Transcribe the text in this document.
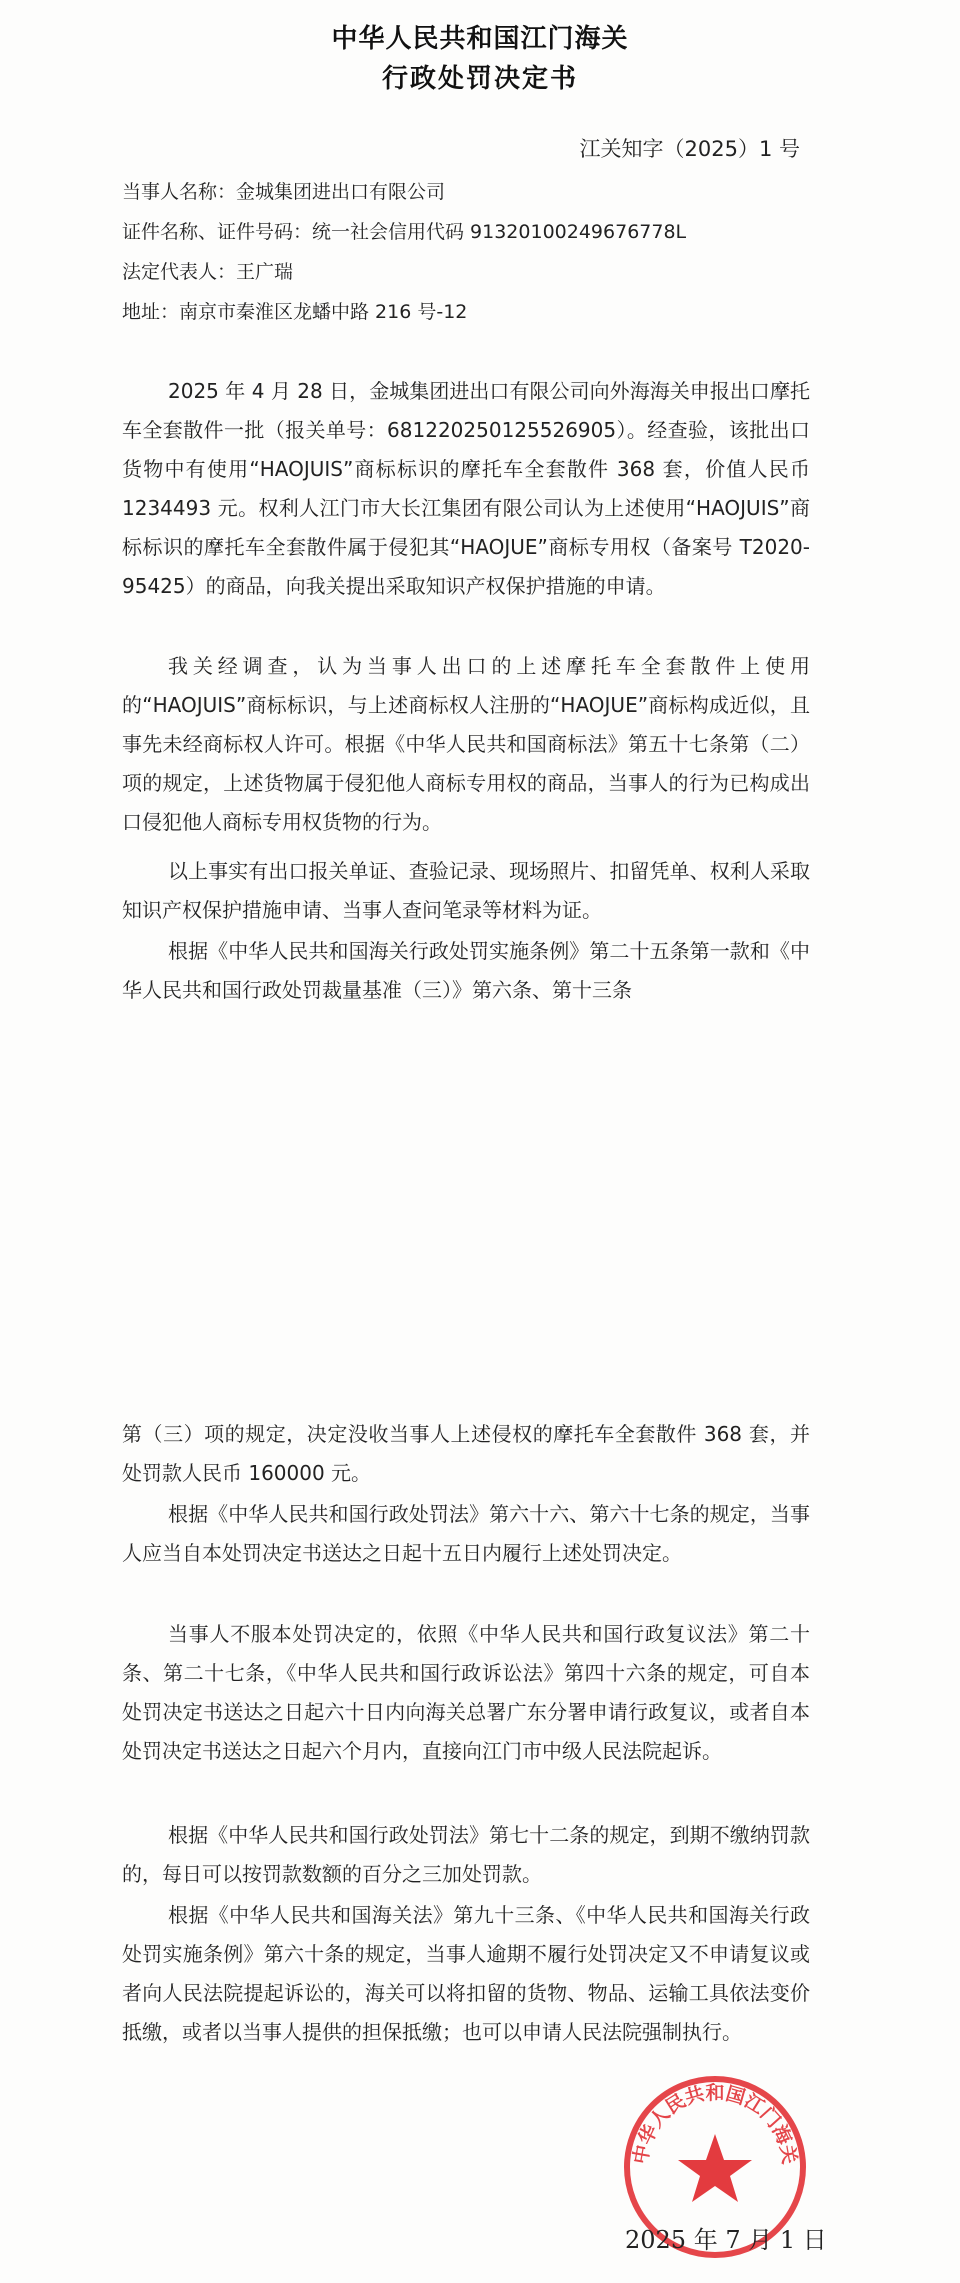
中华人民共和国江门海关
行政处罚决定书
江关知字（2025）1 号
当事人名称：金城集团进出口有限公司
证件名称、证件号码：统一社会信用代码 91320100249676778L
法定代表人：王广瑞
地址：南京市秦淮区龙蟠中路 216 号-12
2025 年 4 月 28 日，金城集团进出口有限公司向外海海关申报出口摩托车全套散件一批（报关单号：681220250125526905）。经查验，该批出口货物中有使用“HAOJUIS”商标标识的摩托车全套散件 368 套，价值人民币 1234493 元。权利人江门市大长江集团有限公司认为上述使用“HAOJUIS”商标标识的摩托车全套散件属于侵犯其“HAOJUE”商标专用权（备案号 T2020-95425）的商品，向我关提出采取知识产权保护措施的申请。
我关经调查，认为当事人出口的上述摩托车全套散件上使用的“HAOJUIS”商标标识，与上述商标权人注册的“HAOJUE”商标构成近似，且事先未经商标权人许可。根据《中华人民共和国商标法》第五十七条第（二）项的规定，上述货物属于侵犯他人商标专用权的商品，当事人的行为已构成出口侵犯他人商标专用权货物的行为。
以上事实有出口报关单证、查验记录、现场照片、扣留凭单、权利人采取知识产权保护措施申请、当事人查问笔录等材料为证。
根据《中华人民共和国海关行政处罚实施条例》第二十五条第一款和《中华人民共和国行政处罚裁量基准（三）》第六条、第十三条
第（三）项的规定，决定没收当事人上述侵权的摩托车全套散件 368 套，并处罚款人民币 160000 元。
根据《中华人民共和国行政处罚法》第六十六、第六十七条的规定，当事人应当自本处罚决定书送达之日起十五日内履行上述处罚决定。
当事人不服本处罚决定的，依照《中华人民共和国行政复议法》第二十条、第二十七条，《中华人民共和国行政诉讼法》第四十六条的规定，可自本处罚决定书送达之日起六十日内向海关总署广东分署申请行政复议，或者自本处罚决定书送达之日起六个月内，直接向江门市中级人民法院起诉。
根据《中华人民共和国行政处罚法》第七十二条的规定，到期不缴纳罚款的，每日可以按罚款数额的百分之三加处罚款。
根据《中华人民共和国海关法》第九十三条、《中华人民共和国海关行政处罚实施条例》第六十条的规定，当事人逾期不履行处罚决定又不申请复议或者向人民法院提起诉讼的，海关可以将扣留的货物、物品、运输工具依法变价抵缴，或者以当事人提供的担保抵缴；也可以申请人民法院强制执行。
中华人民共和国江门海关
2025 年 7 月 1 日
